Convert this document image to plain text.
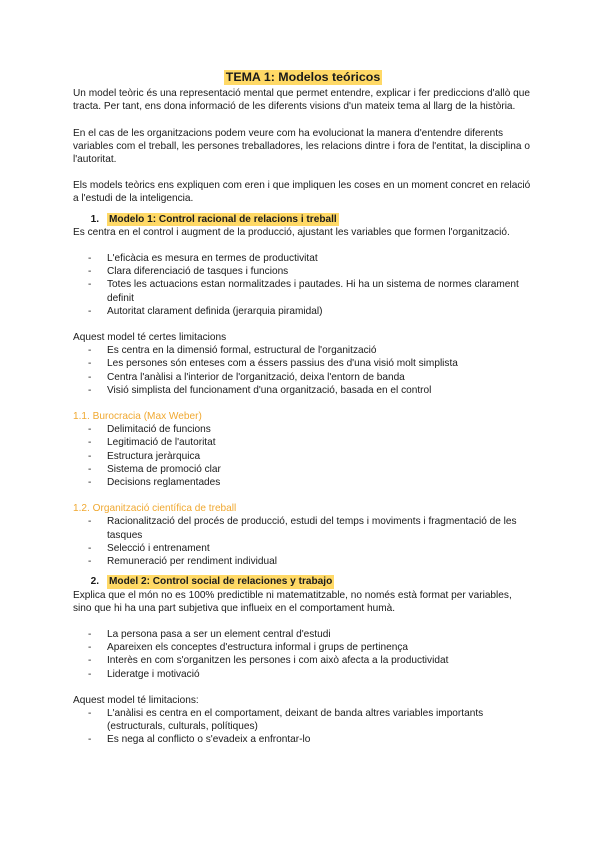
TEMA 1: Modelos teóricos

Un model teòric és una representació mental que permet entendre, explicar i fer prediccions d'allò que tracta. Per tant, ens dona informació de les diferents visions d'un mateix tema al llarg de la història.

En el cas de les organitzacions podem veure com ha evolucionat la manera d'entendre diferents variables com el treball, les persones treballadores, les relacions dintre i fora de l'entitat, la disciplina o l'autoritat.

Els models teòrics ens expliquen com eren i que impliquen les coses en un moment concret en relació a l'estudi de la inteligencia.

1. Modelo 1: Control racional de relacions i treball

Es centra en el control i augment de la producció, ajustant les variables que formen l'organització.

- L'eficàcia es mesura en termes de productivitat
- Clara diferenciació de tasques i funcions
- Totes les actuacions estan normalitzades i pautades. Hi ha un sistema de normes clarament definit
- Autoritat clarament definida (jerarquia piramidal)

Aquest model té certes limitacions

- Es centra en la dimensió formal, estructural de l'organització
- Les persones són enteses com a éssers passius des d'una visió molt simplista
- Centra l'anàlisi a l'interior de l'organització, deixa l'entorn de banda
- Visió simplista del funcionament d'una organització, basada en el control

1.1. Burocracia (Max Weber)

- Delimitació de funcions
- Legitimació de l'autoritat
- Estructura jeràrquica
- Sistema de promoció clar
- Decisions reglamentades

1.2. Organització científica de treball

- Racionalització del procés de producció, estudi del temps i moviments i fragmentació de les tasques
- Selecció i entrenament
- Remuneració per rendiment individual
2. Model 2: Control social de relaciones y trabajo

Explica que el món no es 100% predictible ni matematitzable, no només està format per variables, sino que hi ha una part subjetiva que influeix en el comportament humà.

- La persona pasa a ser un element central d'estudi
- Apareixen els conceptes d'estructura informal i grups de pertinença
- Interès en com s'organitzen les persones i com això afecta a la productividat
- Lideratge i motivació

Aquest model té limitacions:

- L'anàlisi es centra en el comportament, deixant de banda altres variables importants (estructurals, culturals, polítiques)
- Es nega al conflicto o s'evadeix a enfrontar-lo
